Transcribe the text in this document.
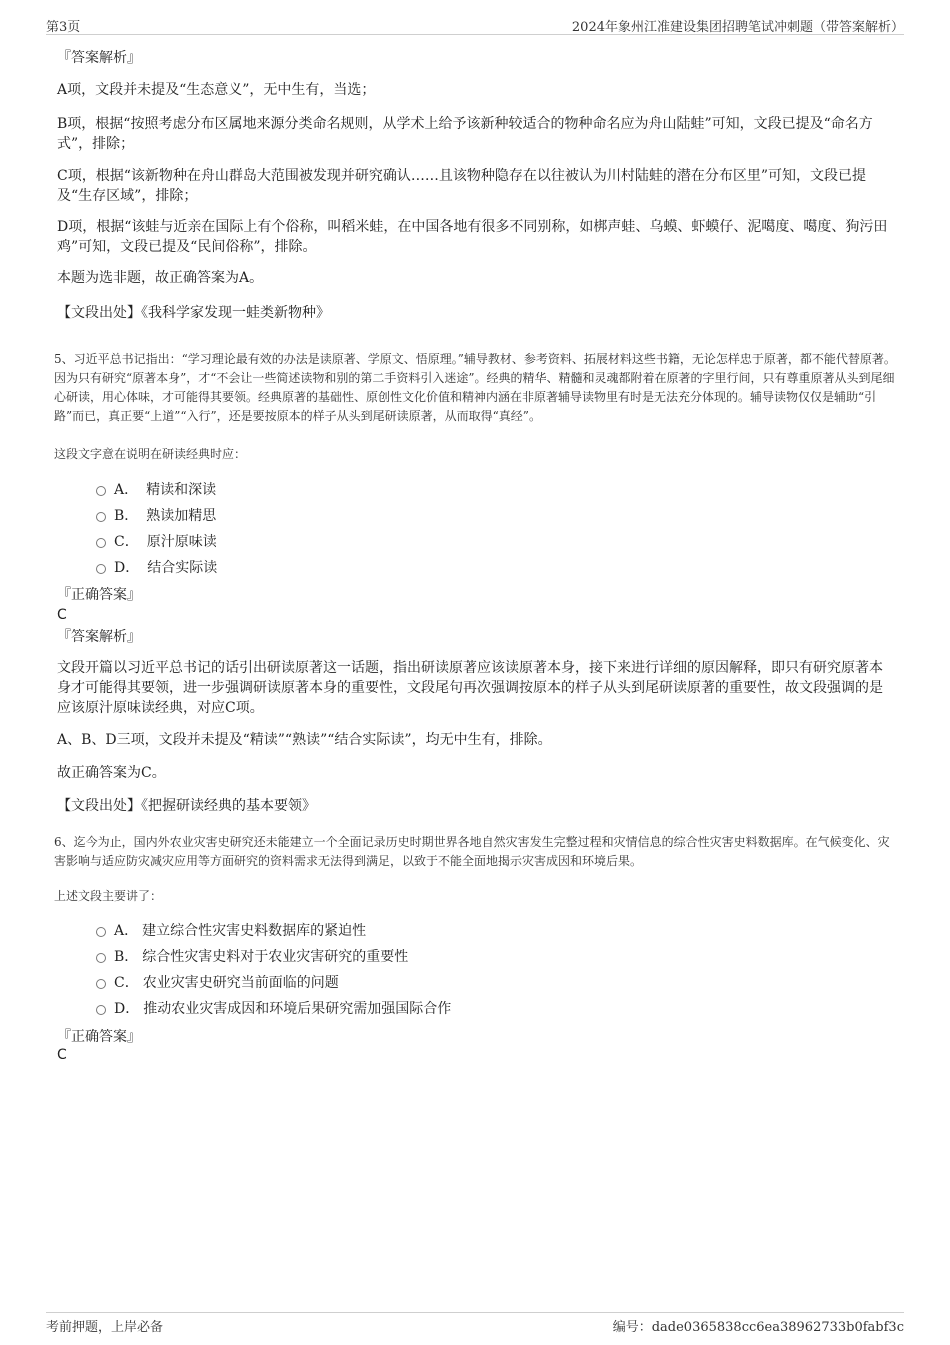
第3页	2024年象州江准建设集团招聘笔试冲刺题（带答案解析）
『答案解析』
A项，文段并未提及“生态意义”，无中生有，当选；
B项，根据“按照考虑分布区属地来源分类命名规则，从学术上给予该新种较适合的物种命名应为舟山陆蛙”可知，文段已提及“命名方式”，排除；
C项，根据“该新物种在舟山群岛大范围被发现并研究确认……且该物种隐存在以往被认为川村陆蛙的潜在分布区里”可知，文段已提及“生存区域”，排除；
D项，根据“该蛙与近亲在国际上有个俗称，叫稻米蛙，在中国各地有很多不同别称，如梆声蛙、乌蟆、虾蟆仔、泥噶度、噶度、狗污田鸡”可知，文段已提及“民间俗称”，排除。
本题为选非题，故正确答案为A。
【文段出处】《我科学家发现一蛙类新物种》
5、习近平总书记指出：“学习理论最有效的办法是读原著、学原文、悟原理。”辅导教材、参考资料、拓展材料这些书籍，无论怎样忠于原著，都不能代替原著。因为只有研究“原著本身”，才“不会让一些简述读物和别的第二手资料引入迷途”。经典的精华、精髓和灵魂都附着在原著的字里行间，只有尊重原著从头到尾细心研读，用心体味，才可能得其要领。经典原著的基础性、原创性文化价值和精神内涵在非原著辅导读物里有时是无法充分体现的。辅导读物仅仅是辅助“引路”而已，真正要“上道”“入行”，还是要按原本的样子从头到尾研读原著，从而取得“真经”。
这段文字意在说明在研读经典时应：
A． 精读和深读
B． 熟读加精思
C． 原汁原味读
D． 结合实际读
『正确答案』
C
『答案解析』
文段开篇以习近平总书记的话引出研读原著这一话题，指出研读原著应该读原著本身，接下来进行详细的原因解释，即只有研究原著本身才可能得其要领，进一步强调研读原著本身的重要性，文段尾句再次强调按原本的样子从头到尾研读原著的重要性，故文段强调的是应该原汁原味读经典，对应C项。
A、B、D三项，文段并未提及“精读”“熟读”“结合实际读”，均无中生有，排除。
故正确答案为C。
【文段出处】《把握研读经典的基本要领》
6、迄今为止，国内外农业灾害史研究还未能建立一个全面记录历史时期世界各地自然灾害发生完整过程和灾情信息的综合性灾害史料数据库。在气候变化、灾害影响与适应防灾减灾应用等方面研究的资料需求无法得到满足，以致于不能全面地揭示灾害成因和环境后果。
上述文段主要讲了：
A． 建立综合性灾害史料数据库的紧迫性
B． 综合性灾害史料对于农业灾害研究的重要性
C． 农业灾害史研究当前面临的问题
D． 推动农业灾害成因和环境后果研究需加强国际合作
『正确答案』
C
考前押题，上岸必备	编号：dade0365838cc6ea38962733b0fabf3c
